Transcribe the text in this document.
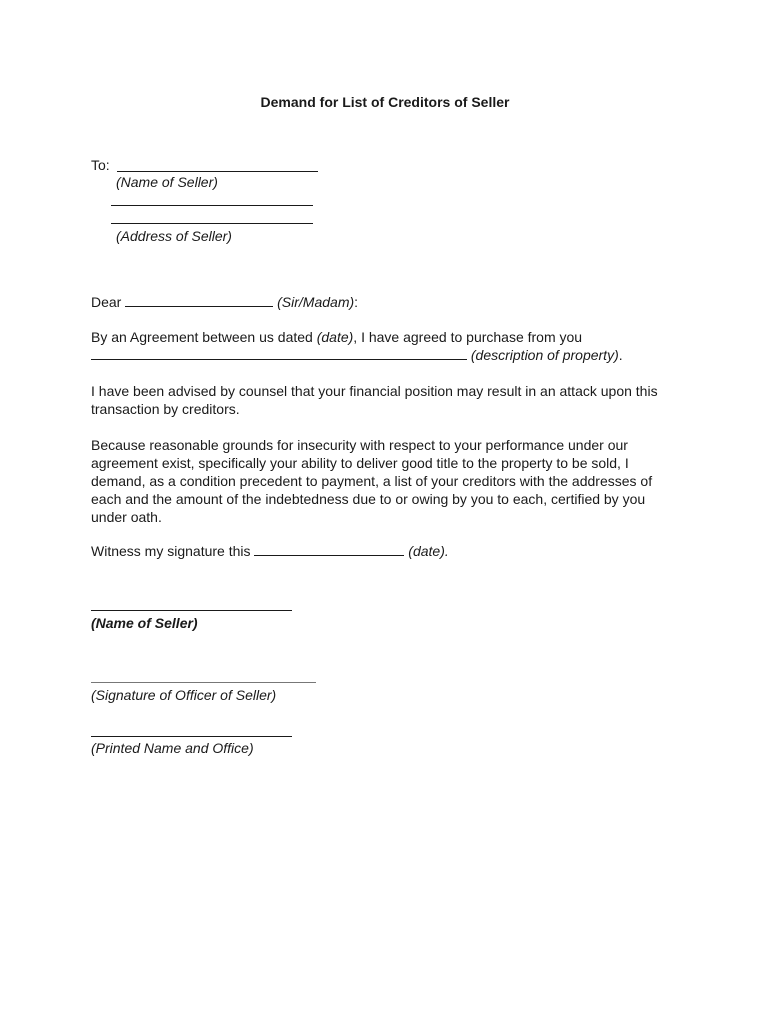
Demand for List of Creditors of Seller
To:
(Name of Seller)
(Address of Seller)
Dear	(Sir/Madam):
By an Agreement between us dated (date), I have agreed to purchase from you
(description of property).
I have been advised by counsel that your financial position may result in an attack upon this transaction by creditors.
Because reasonable grounds for insecurity with respect to your performance under our agreement exist, specifically your ability to deliver good title to the property to be sold, I demand, as a condition precedent to payment, a list of your creditors with the addresses of each and the amount of the indebtedness due to or owing by you to each, certified by you under oath.
Witness my signature this	(date).
(Name of Seller)
(Signature of Officer of Seller)
(Printed Name and Office)
